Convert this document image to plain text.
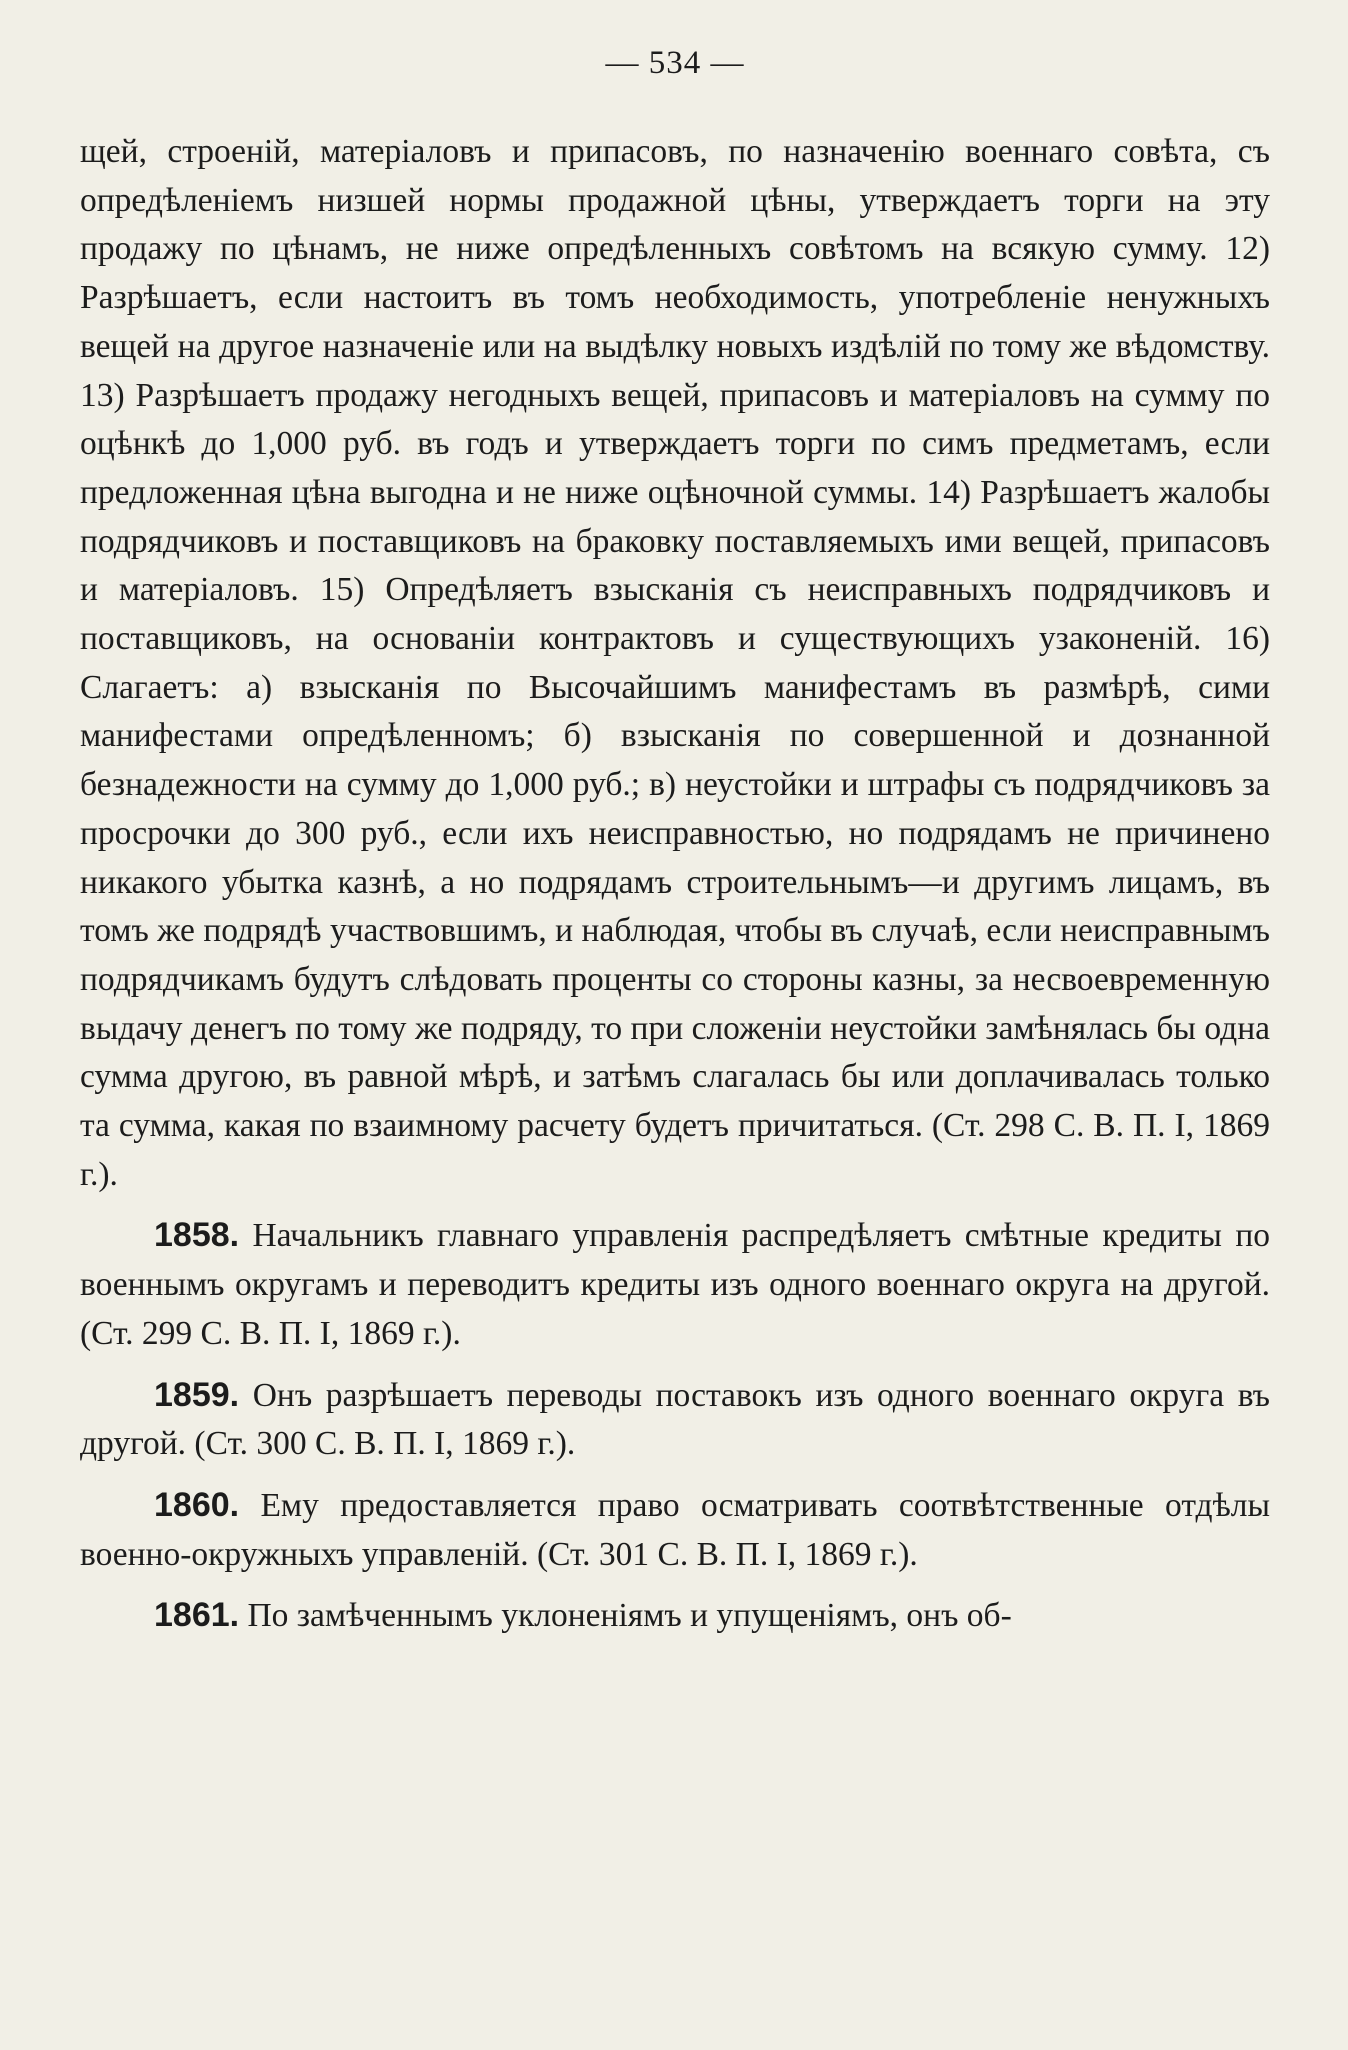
— 534 —

щей, строеній, матеріаловъ и припасовъ, по назначенію военнаго совѣта, съ опредѣленіемъ низшей нормы продажной цѣны, утверждаетъ торги на эту продажу по цѣнамъ, не ниже опредѣленныхъ совѣтомъ на всякую сумму. 12) Разрѣшаетъ, если настоитъ въ томъ необходимость, употребленіе ненужныхъ вещей на другое назначеніе или на выдѣлку новыхъ издѣлій по тому же вѣдомству. 13) Разрѣшаетъ продажу негодныхъ вещей, припасовъ и матеріаловъ на сумму по оцѣнкѣ до 1,000 руб. въ годъ и утверждаетъ торги по симъ предметамъ, если предложенная цѣна выгодна и не ниже оцѣночной суммы. 14) Разрѣшаетъ жалобы подрядчиковъ и поставщиковъ на браковку поставляемыхъ ими вещей, припасовъ и матеріаловъ. 15) Опредѣляетъ взысканія съ неисправныхъ подрядчиковъ и поставщиковъ, на основаніи контрактовъ и существующихъ узаконеній. 16) Слагаетъ: а) взысканія по Высочайшимъ манифестамъ въ размѣрѣ, сими манифестами опредѣленномъ; б) взысканія по совершенной и дознанной безнадежности на сумму до 1,000 руб.; в) неустойки и штрафы съ подрядчиковъ за просрочки до 300 руб., если ихъ неисправностью, но подрядамъ не причинено никакого убытка казнѣ, а но подрядамъ строительнымъ—и другимъ лицамъ, въ томъ же подрядѣ участвовшимъ, и наблюдая, чтобы въ случаѣ, если неисправнымъ подрядчикамъ будутъ слѣдовать проценты со стороны казны, за несвоевременную выдачу денегъ по тому же подряду, то при сложеніи неустойки замѣнялась бы одна сумма другою, въ равной мѣрѣ, и затѣмъ слагалась бы или доплачивалась только та сумма, какая по взаимному расчету будетъ причитаться. (Ст. 298 С. В. П. I, 1869 г.).

1858. Начальникъ главнаго управленія распредѣляетъ смѣтные кредиты по военнымъ округамъ и переводитъ кредиты изъ одного военнаго округа на другой. (Ст. 299 С. В. П. I, 1869 г.).

1859. Онъ разрѣшаетъ переводы поставокъ изъ одного военнаго округа въ другой. (Ст. 300 С. В. П. I, 1869 г.).

1860. Ему предоставляется право осматривать соотвѣтственные отдѣлы военно-окружныхъ управленій. (Ст. 301 С. В. П. I, 1869 г.).

1861. По замѣченнымъ уклоненіямъ и упущеніямъ, онъ об-
